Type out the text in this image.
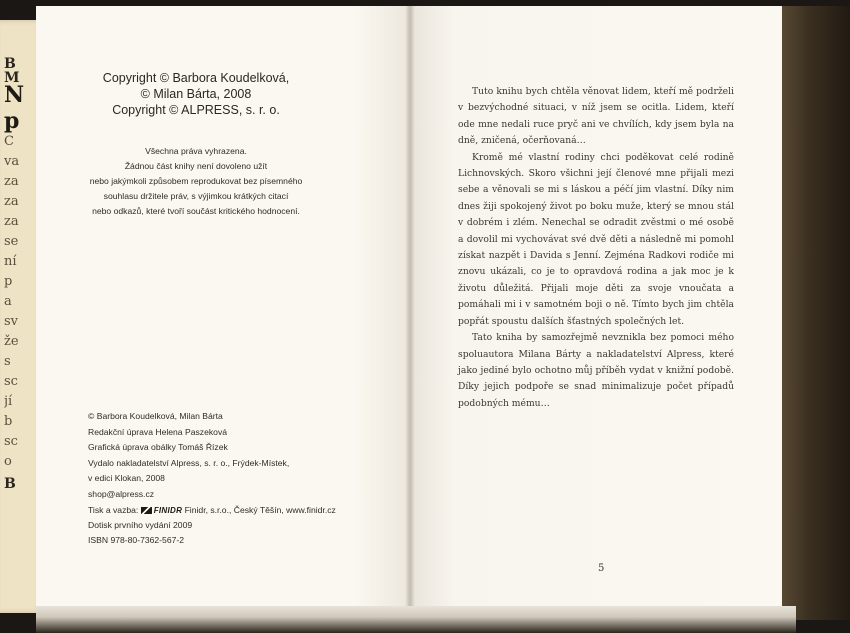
B
M
N
p
C
va
za
za
za
se
ní
p
a
sv
že
s
sc
jí
b
sc
o
B
Copyright © Barbora Koudelková,
© Milan Bárta, 2008
Copyright © ALPRESS, s. r. o.
Všechna práva vyhrazena.
Žádnou část knihy není dovoleno užít
nebo jakýmkoli způsobem reprodukovat bez písemného
souhlasu držitele práv, s výjimkou krátkých citací
nebo odkazů, které tvoří součást kritického hodnocení.
© Barbora Koudelková, Milan Bárta
Redakční úprava Helena Paszeková
Grafická úprava obálky Tomáš Řízek
Vydalo nakladatelství Alpress, s. r. o., Frýdek-Místek,
v edici Klokan, 2008
shop@alpress.cz
Tisk a vazba: FINIDR Finidr, s.r.o., Český Těšín, www.finidr.cz
Dotisk prvního vydání 2009
ISBN 978-80-7362-567-2

Tuto knihu bych chtěla věnovat lidem, kteří mě podrželi v bezvýchodné situaci, v níž jsem se ocitla. Lidem, kteří ode mne nedali ruce pryč ani ve chvílích, kdy jsem byla na dně, zničená, očerňovaná…

Kromě mé vlastní rodiny chci poděkovat celé rodině Lichnovských. Skoro všichni její členové mne přijali mezi sebe a věnovali se mi s láskou a péčí jim vlastní. Díky nim dnes žiji spokojený život po boku muže, který se mnou stál v dobrém i zlém. Nenechal se odradit zvěstmi o mé osobě a dovolil mi vychovávat své dvě děti a následně mi pomohl získat nazpět i Davida s Jenní. Zejména Radkovi rodiče mi znovu ukázali, co je to opravdová rodina a jak moc je k životu důležitá. Přijali moje děti za svoje vnoučata a pomáhali mi i v samotném boji o ně. Tímto bych jim chtěla popřát spoustu dalších šťastných společných let.

Tato kniha by samozřejmě nevznikla bez pomoci mého spoluautora Milana Bárty a nakladatelství Alpress, které jako jediné bylo ochotno můj příběh vydat v knižní podobě. Díky jejich podpoře se snad minimalizuje počet případů podobných mému…

5
